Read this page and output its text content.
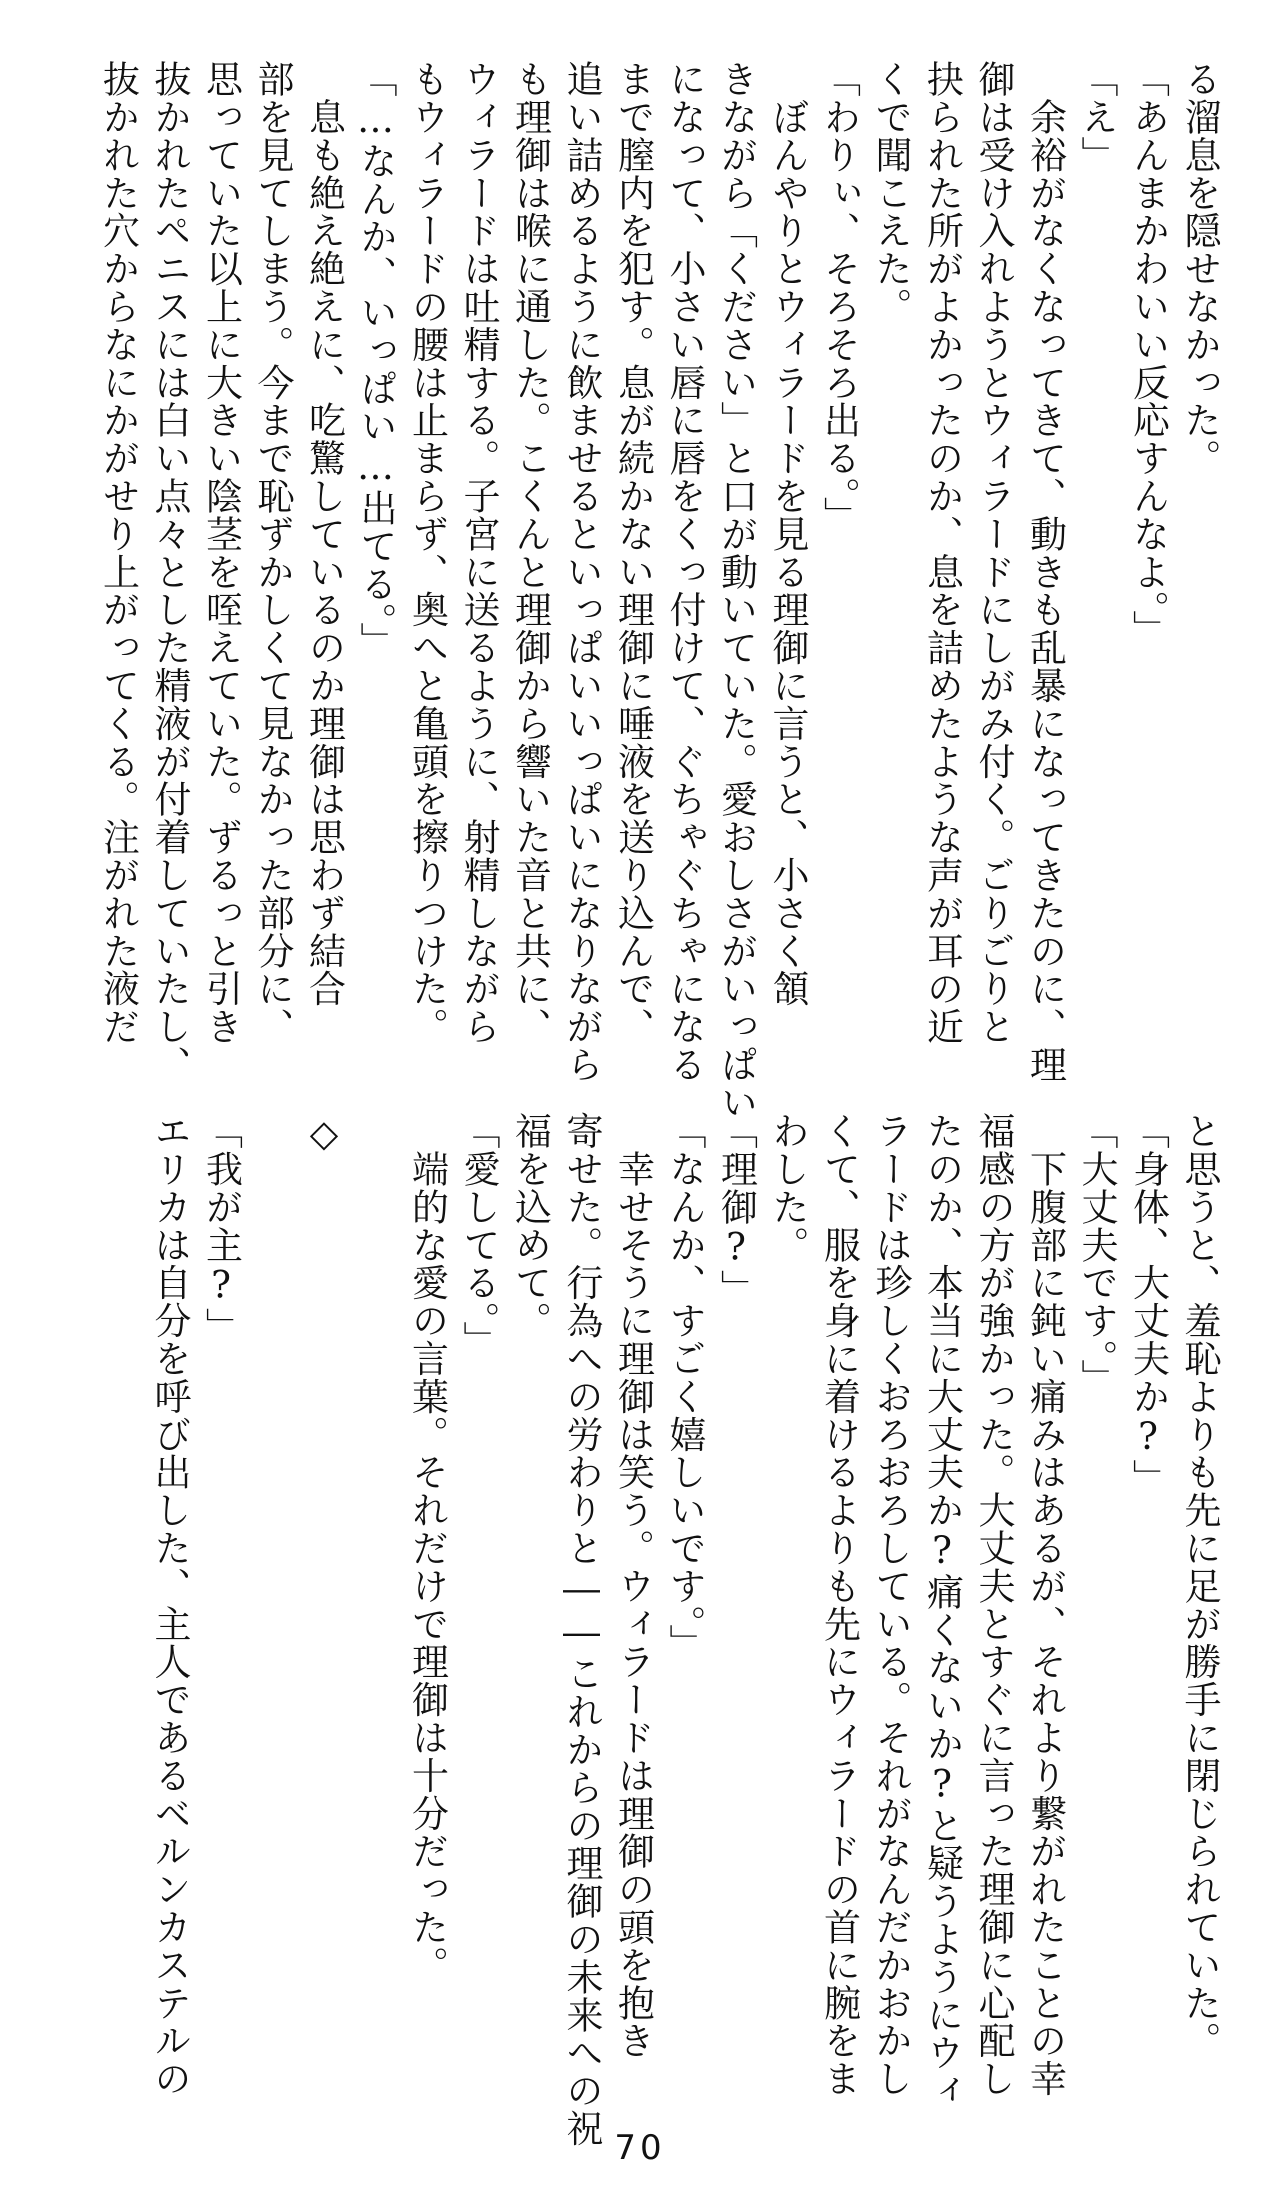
る溜息を隠せなかった。

「あんまかわいい反応すんなよ。」

「え」

　余裕がなくなってきて、動きも乱暴になってきたのに、理

御は受け入れようとウィラードにしがみ付く。ごりごりと

抉られた所がよかったのか、息を詰めたような声が耳の近

くで聞こえた。

「わりぃ、そろそろ出る。」

　ぼんやりとウィラードを見る理御に言うと、小さく頷

きながら「ください」と口が動いていた。愛おしさがいっぱい

になって、小さい唇に唇をくっ付けて、ぐちゃぐちゃになる

まで膣内を犯す。息が続かない理御に唾液を送り込んで、

追い詰めるように飲ませるといっぱいいっぱいになりながら

も理御は喉に通した。こくんと理御から響いた音と共に、

ウィラードは吐精する。子宮に送るように、射精しながら

もウィラードの腰は止まらず、奥へと亀頭を擦りつけた。

「…なんか、いっぱい…出てる。」

　息も絶え絶えに、吃驚しているのか理御は思わず結合

部を見てしまう。今まで恥ずかしくて見なかった部分に、

思っていた以上に大きい陰茎を咥えていた。ずるっと引き

抜かれたペニスには白い点々とした精液が付着していたし、

抜かれた穴からなにかがせり上がってくる。注がれた液だ

と思うと、羞恥よりも先に足が勝手に閉じられていた。

「身体、大丈夫か?」

「大丈夫です。」

　下腹部に鈍い痛みはあるが、それより繋がれたことの幸

福感の方が強かった。大丈夫とすぐに言った理御に心配し

たのか、本当に大丈夫か?痛くないか?と疑うようにウィ

ラードは珍しくおろおろしている。それがなんだかおかし

くて、服を身に着けるよりも先にウィラードの首に腕をま

わした。

「理御?」

「なんか、すごく嬉しいです。」

　幸せそうに理御は笑う。ウィラードは理御の頭を抱き

寄せた。行為への労わりと――これからの理御の未来への祝

福を込めて。

「愛してる。」

　端的な愛の言葉。それだけで理御は十分だった。

◇

「我が主?」

エリカは自分を呼び出した、主人であるベルンカステルの

70
